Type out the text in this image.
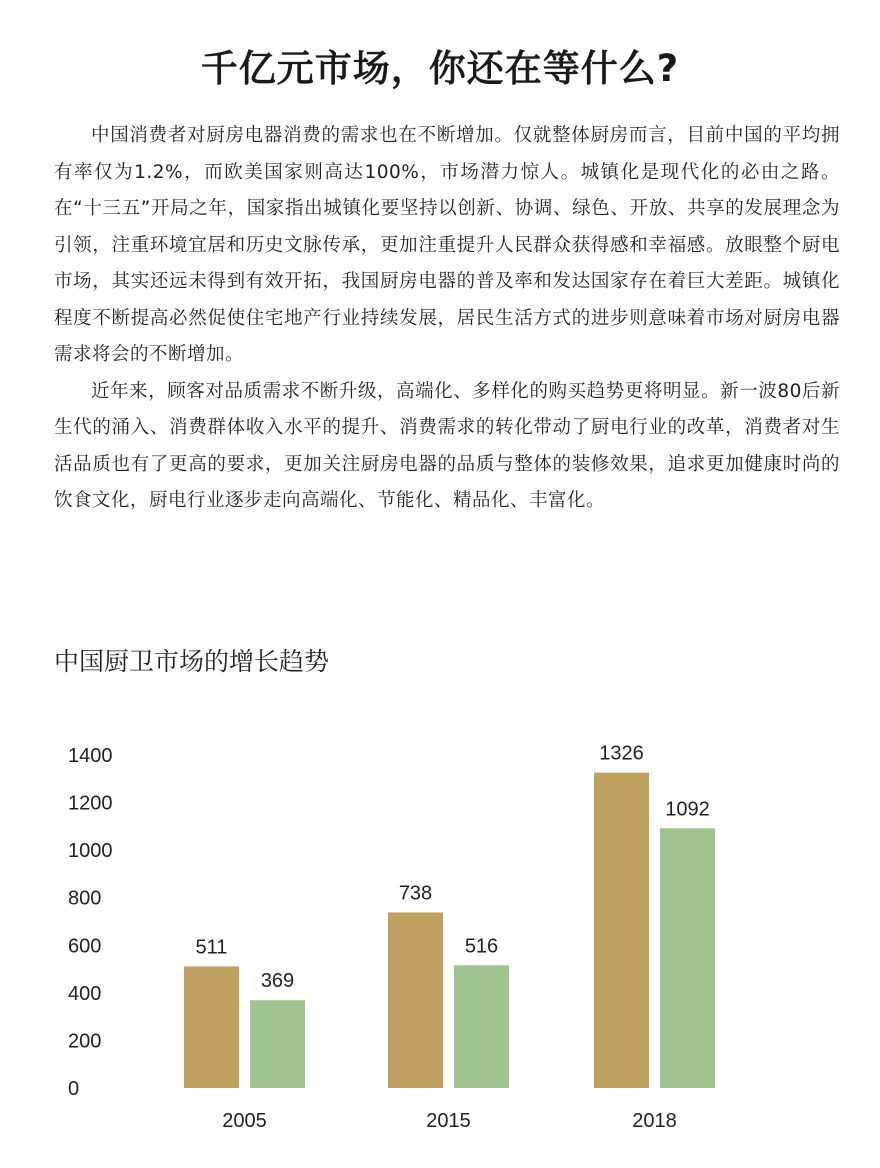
千亿元市场，你还在等什么?

中国消费者对厨房电器消费的需求也在不断增加。仅就整体厨房而言，目前中国的平均拥有率仅为1.2%，而欧美国家则高达100%，市场潜力惊人。城镇化是现代化的必由之路。在“十三五”开局之年，国家指出城镇化要坚持以创新、协调、绿色、开放、共享的发展理念为引领，注重环境宜居和历史文脉传承，更加注重提升人民群众获得感和幸福感。放眼整个厨电市场，其实还远未得到有效开拓，我国厨房电器的普及率和发达国家存在着巨大差距。城镇化程度不断提高必然促使住宅地产行业持续发展，居民生活方式的进步则意味着市场对厨房电器需求将会的不断增加。

近年来，顾客对品质需求不断升级，高端化、多样化的购买趋势更将明显。新一波80后新生代的涌入、消费群体收入水平的提升、消费需求的转化带动了厨电行业的改革，消费者对生活品质也有了更高的要求，更加关注厨房电器的品质与整体的装修效果，追求更加健康时尚的饮食文化，厨电行业逐步走向高端化、节能化、精品化、丰富化。

中国厨卫市场的增长趋势
0
200
400
600
800
1000
1200
1400
511
369
2005
738
516
2015
1326
1092
2018
